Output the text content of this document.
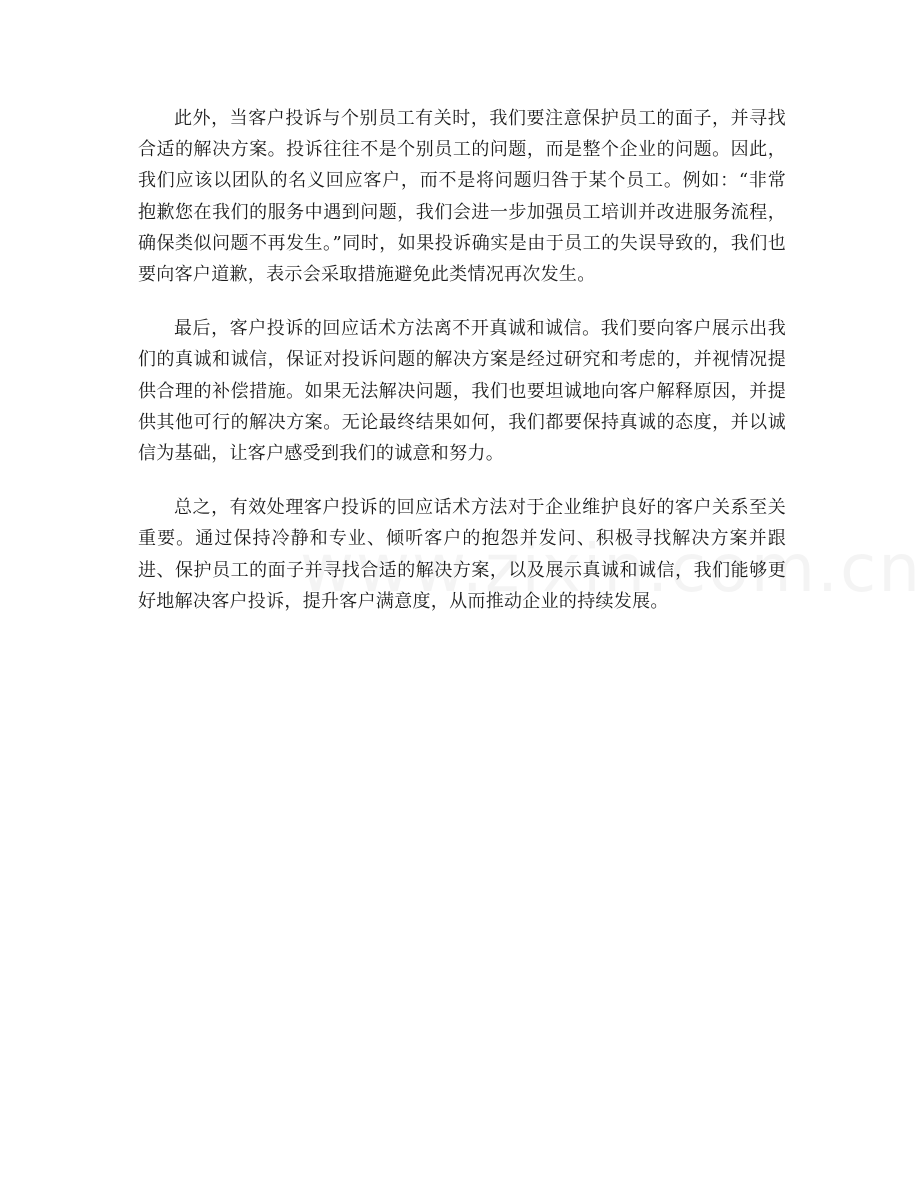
此外，当客户投诉与个别员工有关时，我们要注意保护员工的面子，并寻找合适的解决方案。投诉往往不是个别员工的问题，而是整个企业的问题。因此，我们应该以团队的名义回应客户，而不是将问题归咎于某个员工。例如：“非常抱歉您在我们的服务中遇到问题，我们会进一步加强员工培训并改进服务流程，确保类似问题不再发生。”同时，如果投诉确实是由于员工的失误导致的，我们也要向客户道歉，表示会采取措施避免此类情况再次发生。

最后，客户投诉的回应话术方法离不开真诚和诚信。我们要向客户展示出我们的真诚和诚信，保证对投诉问题的解决方案是经过研究和考虑的，并视情况提供合理的补偿措施。如果无法解决问题，我们也要坦诚地向客户解释原因，并提供其他可行的解决方案。无论最终结果如何，我们都要保持真诚的态度，并以诚信为基础，让客户感受到我们的诚意和努力。

总之，有效处理客户投诉的回应话术方法对于企业维护良好的客户关系至关重要。通过保持冷静和专业、倾听客户的抱怨并发问、积极寻找解决方案并跟进、保护员工的面子并寻找合适的解决方案，以及展示真诚和诚信，我们能够更好地解决客户投诉，提升客户满意度，从而推动企业的持续发展。
